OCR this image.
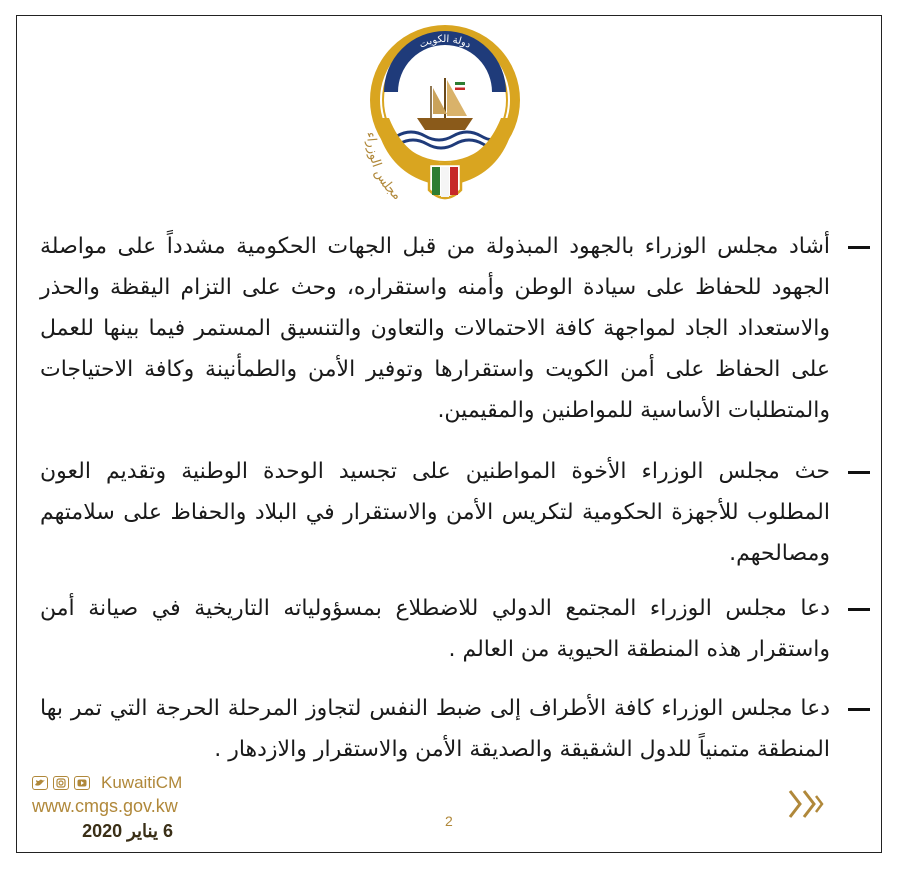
دولة الكويت
مجلس الوزراء

أشاد مجلس الوزراء بالجهود المبذولة من قبل الجهات الحكومية مشدداً على مواصلة الجهود للحفاظ على سيادة الوطن وأمنه واستقراره، وحث على التزام اليقظة والحذر والاستعداد الجاد لمواجهة كافة الاحتمالات والتعاون والتنسيق المستمر فيما بينها للعمل على الحفاظ على أمن الكويت واستقرارها وتوفير الأمن والطمأنينة وكافة الاحتياجات والمتطلبات الأساسية للمواطنين والمقيمين.

حث مجلس الوزراء الأخوة المواطنين على تجسيد الوحدة الوطنية وتقديم العون المطلوب للأجهزة الحكومية لتكريس الأمن والاستقرار في البلاد والحفاظ على سلامتهم ومصالحهم.

دعا مجلس الوزراء المجتمع الدولي للاضطلاع بمسؤولياته التاريخية في صيانة أمن واستقرار هذه المنطقة الحيوية من العالم .

دعا مجلس الوزراء كافة الأطراف إلى ضبط النفس لتجاوز المرحلة الحرجة التي تمر بها المنطقة متمنياً للدول الشقيقة والصديقة الأمن والاستقرار والازدهار .

KuwaitiCM
www.cmgs.gov.kw
6 يناير 2020	2
